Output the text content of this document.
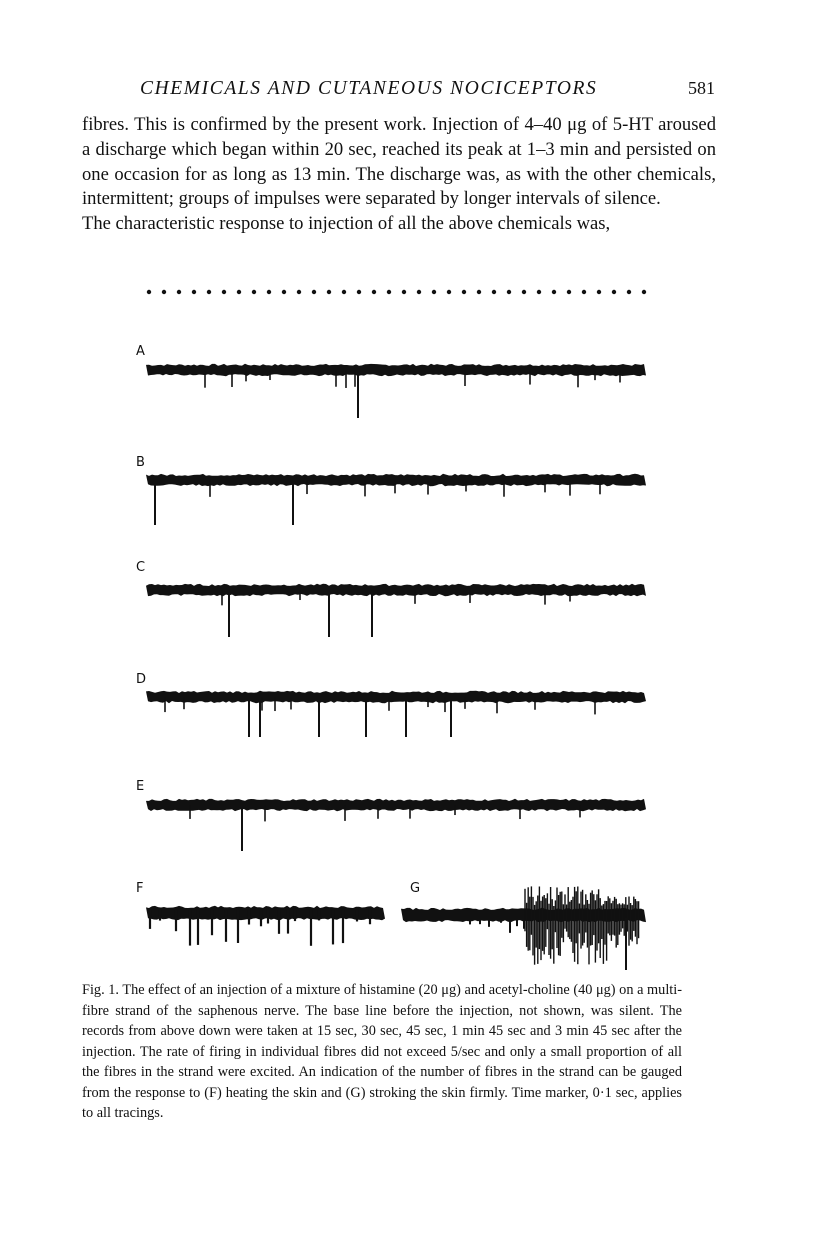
CHEMICALS AND CUTANEOUS NOCICEPTORS	581

fibres. This is confirmed by the present work. Injection of 4–40 μg of 5-HT aroused a discharge which began within 20 sec, reached its peak at 1–3 min and persisted on one occasion for as long as 13 min. The discharge was, as with the other chemicals, intermittent; groups of impulses were separated by longer intervals of silence.

The characteristic response to injection of all the above chemicals was,

A
B
C
D
E
F	G

Fig. 1. The effect of an injection of a mixture of histamine (20 μg) and acetyl-choline (40 μg) on a multi-fibre strand of the saphenous nerve. The base line before the injection, not shown, was silent. The records from above down were taken at 15 sec, 30 sec, 45 sec, 1 min 45 sec and 3 min 45 sec after the injection. The rate of firing in individual fibres did not exceed 5/sec and only a small proportion of all the fibres in the strand were excited. An indication of the number of fibres in the strand can be gauged from the response to (F) heating the skin and (G) stroking the skin firmly. Time marker, 0·1 sec, applies to all tracings.
